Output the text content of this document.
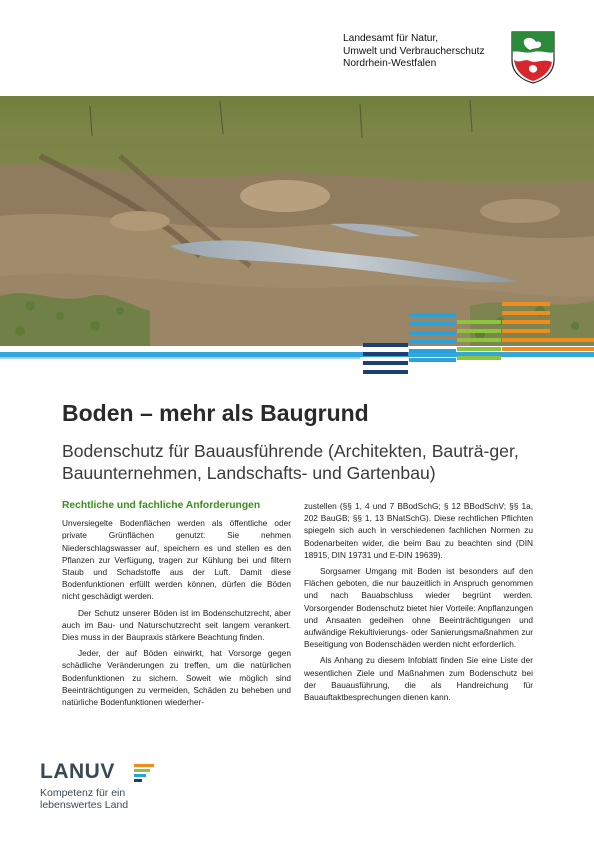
Landesamt für Natur,
Umwelt und Verbraucherschutz
Nordrhein-Westfalen
Boden – mehr als Baugrund
Bodenschutz für Bauausführende (Architekten, Bauträ-ger, Bauunternehmen, Landschafts- und Gartenbau)
Rechtliche und fachliche Anforderungen

Unversiegelte Bodenflächen werden als öffentliche oder private Grünflächen genutzt: Sie nehmen Niederschlagswasser auf, speichern es und stellen es den Pflanzen zur Verfügung, tragen zur Kühlung bei und filtern Staub und Schadstoffe aus der Luft. Damit diese Bodenfunktionen erfüllt werden können, dürfen die Böden nicht geschädigt werden.

Der Schutz unserer Böden ist im Bodenschutzrecht, aber auch im Bau- und Naturschutzrecht seit langem verankert. Dies muss in der Baupraxis stärkere Beachtung finden.

Jeder, der auf Böden einwirkt, hat Vorsorge gegen schädliche Veränderungen zu treffen, um die natürlichen Bodenfunktionen zu sichern. Soweit wie möglich sind Beeinträchtigungen zu vermeiden, Schäden zu beheben und natürliche Bodenfunktionen wiederher-

zustellen (§§ 1, 4 und 7 BBodSchG; § 12 BBodSchV; §§ 1a, 202 BauGB; §§ 1, 13 BNatSchG). Diese rechtlichen Pflichten spiegeln sich auch in verschiedenen fachlichen Normen zu Bodenarbeiten wider, die beim Bau zu beachten sind (DIN 18915, DIN 19731 und E-DIN 19639).

Sorgsamer Umgang mit Boden ist besonders auf den Flächen geboten, die nur bauzeitlich in Anspruch genommen und nach Bauabschluss wieder begrünt werden. Vorsorgender Bodenschutz bietet hier Vorteile: Anpflanzungen und Ansaaten gedeihen ohne Beeinträchtigungen und aufwändige Rekultivierungs- oder Sanierungsmaßnahmen zur Beseitigung von Bodenschäden werden nicht erforderlich.

Als Anhang zu diesem Infoblatt finden Sie eine Liste der wesentlichen Ziele und Maßnahmen zum Bodenschutz bei der Bauausführung, die als Handreichung für Bauauftaktbesprechungen dienen kann.

LANUV
Kompetenz für ein
lebenswertes Land
